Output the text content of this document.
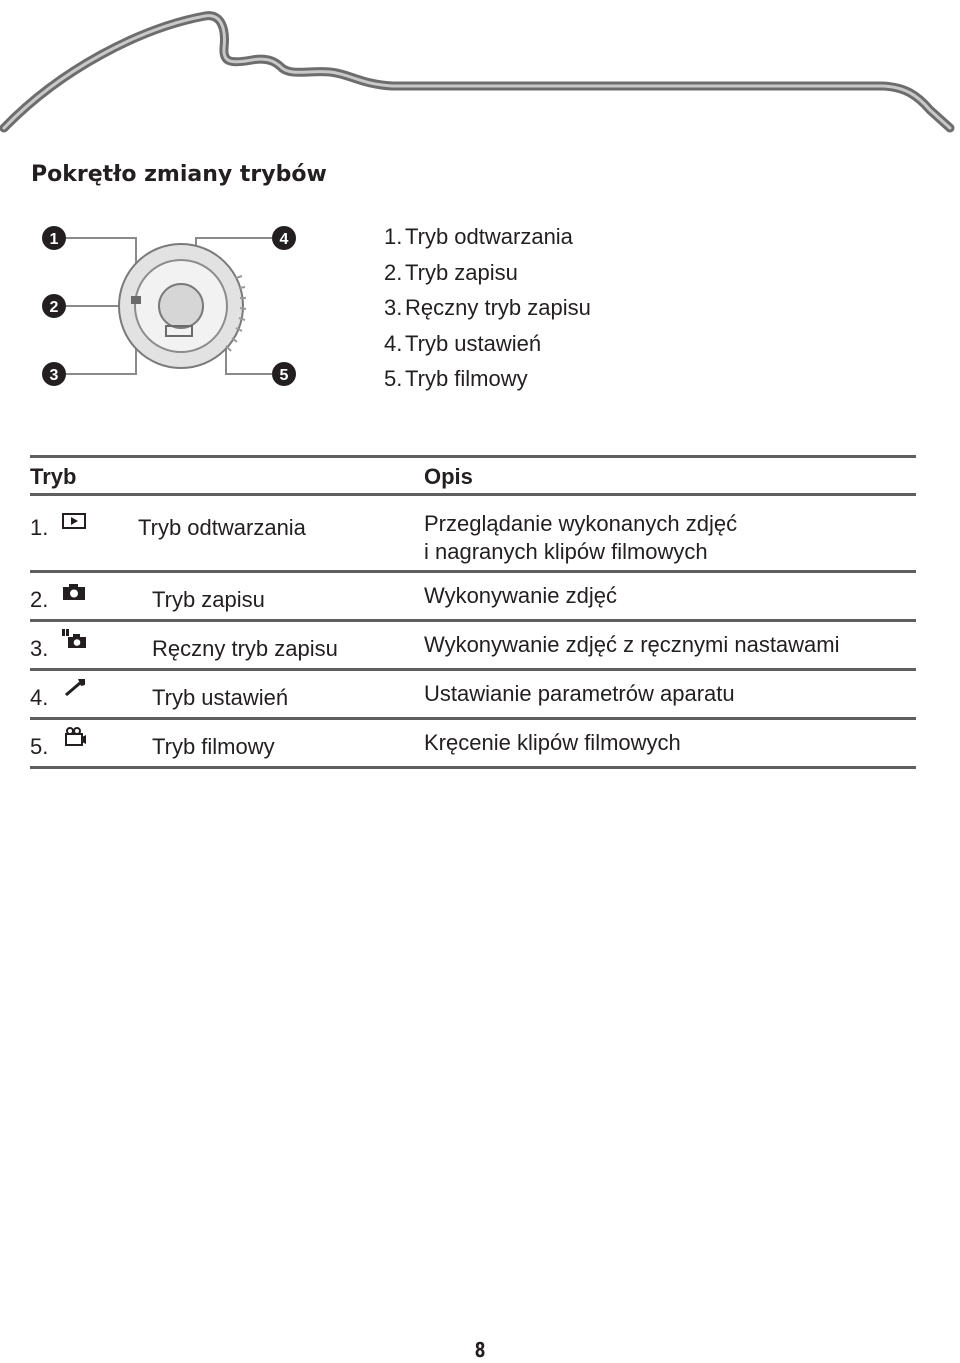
Pokrętło zmiany trybów
1
2
3
4
5
1. Tryb odtwarzania
2. Tryb zapisu
3. Ręczny tryb zapisu
4. Tryb ustawień
5. Tryb filmowy
Tryb	Opis
1.	Tryb odtwarzania	Przeglądanie wykonanych zdjęć
i nagranych klipów filmowych
2.	Tryb zapisu	Wykonywanie zdjęć
3.	Ręczny tryb zapisu	Wykonywanie zdjęć z ręcznymi nastawami
4.	Tryb ustawień	Ustawianie parametrów aparatu
5.	Tryb filmowy	Kręcenie klipów filmowych
8
